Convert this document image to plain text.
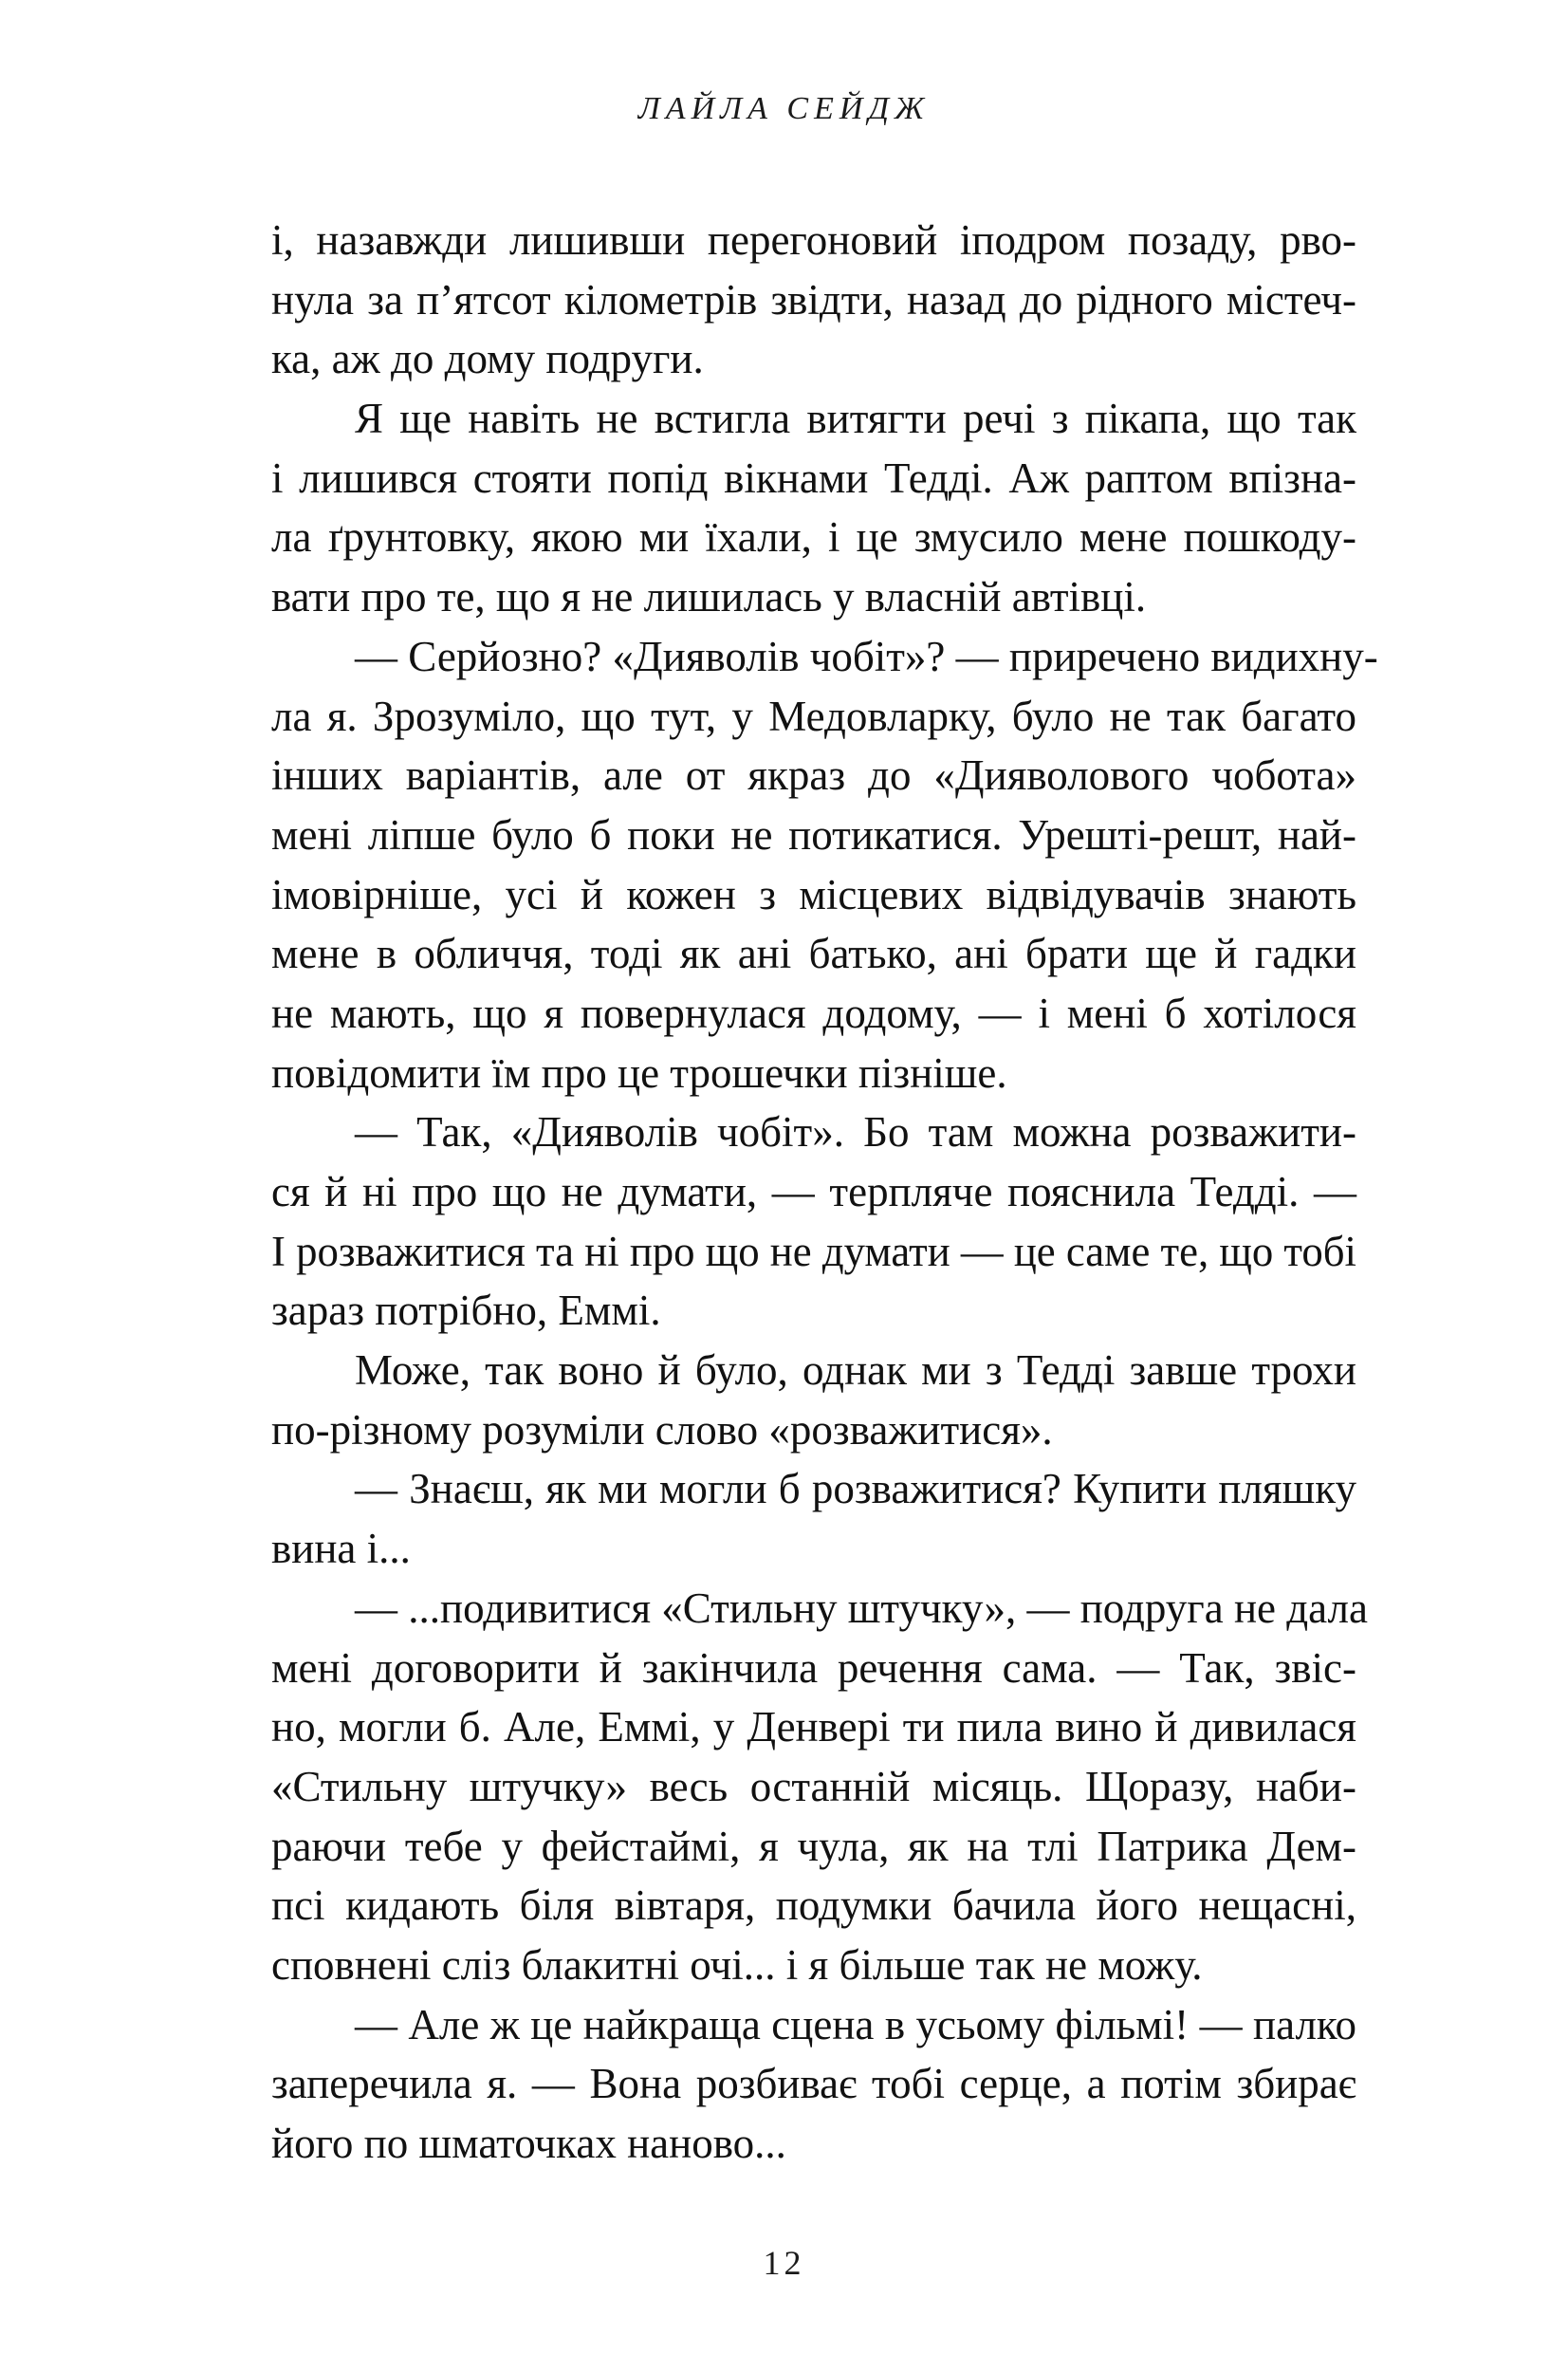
ЛАЙЛА СЕЙДЖ
і, назавжди лишивши перегоновий іподром позаду, рво-
нула за п’ятсот кілометрів звідти, назад до рідного містеч-
ка, аж до дому подруги.
Я ще навіть не встигла витягти речі з пікапа, що так
і лишився стояти попід вікнами Тедді. Аж раптом впізна-
ла ґрунтовку, якою ми їхали, і це змусило мене пошкоду-
вати про те, що я не лишилась у власній автівці.
— Серйозно? «Дияволів чобіт»? — приречено видихну-
ла я. Зрозуміло, що тут, у Медовларку, було не так багато
інших варіантів, але от якраз до «Дияволового чобота»
мені ліпше було б поки не потикатися. Урешті-решт, най-
імовірніше, усі й кожен з місцевих відвідувачів знають
мене в обличчя, тоді як ані батько, ані брати ще й гадки
не мають, що я повернулася додому, — і мені б хотілося
повідомити їм про це трошечки пізніше.
— Так, «Дияволів чобіт». Бо там можна розважити-
ся й ні про що не думати, — терпляче пояснила Тедді. —
І розважитися та ні про що не думати — це саме те, що тобі
зараз потрібно, Еммі.
Може, так воно й було, однак ми з Тедді завше трохи
по-різному розуміли слово «розважитися».
— Знаєш, як ми могли б розважитися? Купити пляшку
вина і...
— ...подивитися «Стильну штучку», — подруга не дала
мені договорити й закінчила речення сама. — Так, звіс-
но, могли б. Але, Еммі, у Денвері ти пила вино й дивилася
«Стильну штучку» весь останній місяць. Щоразу, наби-
раючи тебе у фейстаймі, я чула, як на тлі Патрика Дем-
псі кидають біля вівтаря, подумки бачила його нещасні,
сповнені сліз блакитні очі... і я більше так не можу.
— Але ж це найкраща сцена в усьому фільмі! — палко
заперечила я. — Вона розбиває тобі серце, а потім збирає
його по шматочках наново...
12
